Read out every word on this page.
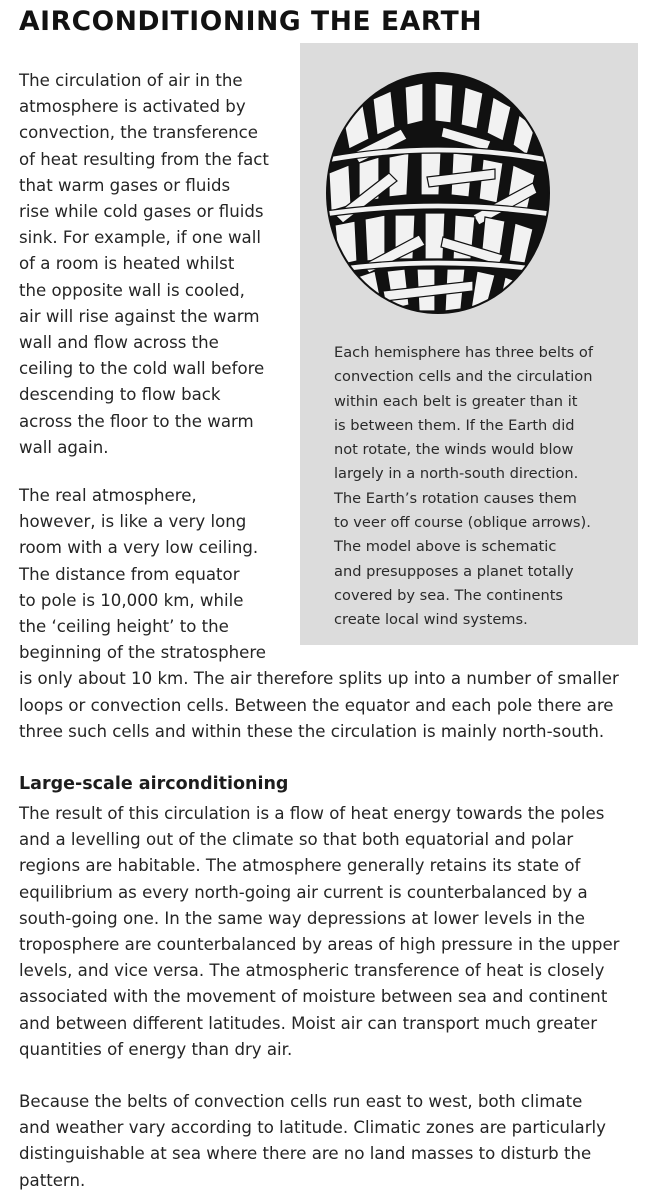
AIRCONDITIONING THE EARTH

Each hemisphere has three belts of
convection cells and the circulation
within each belt is greater than it
is between them. If the Earth did
not rotate, the winds would blow
largely in a north-south direction.
The Earth’s rotation causes them
to veer off course (oblique arrows).
The model above is schematic
and presupposes a planet totally
covered by sea. The continents
create local wind systems.

The circulation of air in the
atmosphere is activated by
convection, the transference
of heat resulting from the fact
that warm gases or fluids
rise while cold gases or fluids
sink. For example, if one wall
of a room is heated whilst
the opposite wall is cooled,
air will rise against the warm
wall and flow across the
ceiling to the cold wall before
descending to flow back
across the floor to the warm
wall again.

The real atmosphere,
however, is like a very long
room with a very low ceiling.
The distance from equator
to pole is 10,000 km, while
the ‘ceiling height’ to the
beginning of the stratosphere
is only about 10 km. The air therefore splits up into a number of smaller
loops or convection cells. Between the equator and each pole there are
three such cells and within these the circulation is mainly north-south.

Large-scale airconditioning

The result of this circulation is a flow of heat energy towards the poles
and a levelling out of the climate so that both equatorial and polar
regions are habitable. The atmosphere generally retains its state of
equilibrium as every north-going air current is counterbalanced by a
south-going one. In the same way depressions at lower levels in the
troposphere are counterbalanced by areas of high pressure in the upper
levels, and vice versa. The atmospheric transference of heat is closely
associated with the movement of moisture between sea and continent
and between different latitudes. Moist air can transport much greater
quantities of energy than dry air.

Because the belts of convection cells run east to west, both climate
and weather vary according to latitude. Climatic zones are particularly
distinguishable at sea where there are no land masses to disturb the
pattern.
